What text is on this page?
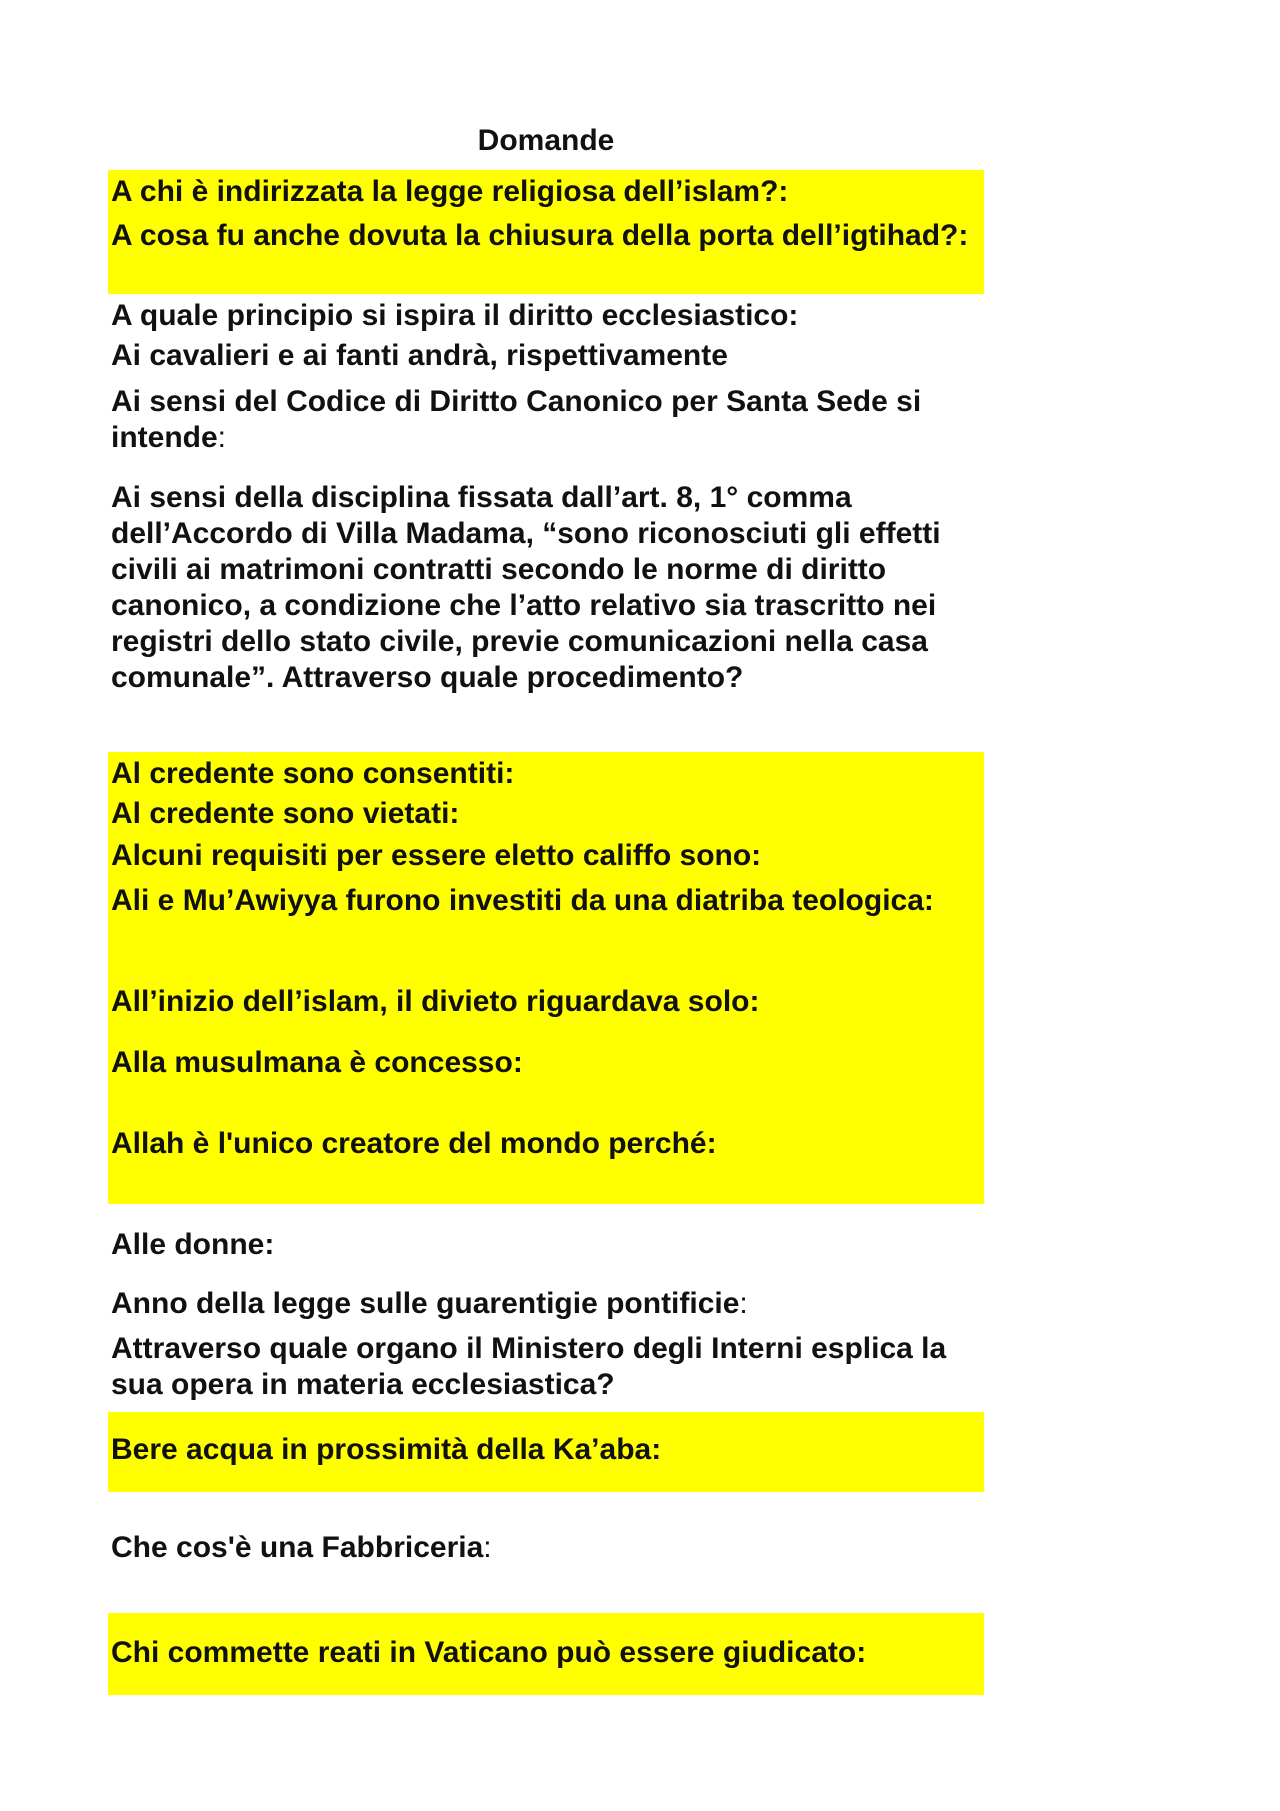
Domande

A chi è indirizzata la legge religiosa dell’islam?:

A cosa fu anche dovuta la chiusura della porta dell’igtihad?:

A quale principio si ispira il diritto ecclesiastico:

Ai cavalieri e ai fanti andrà, rispettivamente

Ai sensi del Codice di Diritto Canonico per Santa Sede si intende:

Ai sensi della disciplina fissata dall’art. 8, 1° comma dell’Accordo di Villa Madama, “sono riconosciuti gli effetti civili ai matrimoni contratti secondo le norme di diritto canonico, a condizione che l’atto relativo sia trascritto nei registri dello stato civile, previe comunicazioni nella casa comunale”. Attraverso quale procedimento?

Al credente sono consentiti:

Al credente sono vietati:

Alcuni requisiti per essere eletto califfo sono:

Ali e Mu’Awiyya furono investiti da una diatriba teologica:

All’inizio dell’islam, il divieto riguardava solo:

Alla musulmana è concesso:

Allah è l'unico creatore del mondo perché:

Alle donne:

Anno della legge sulle guarentigie pontificie:

Attraverso quale organo il Ministero degli Interni esplica la sua opera in materia ecclesiastica?

Bere acqua in prossimità della Ka’aba:

Che cos'è una Fabbriceria:

Chi commette reati in Vaticano può essere giudicato:
